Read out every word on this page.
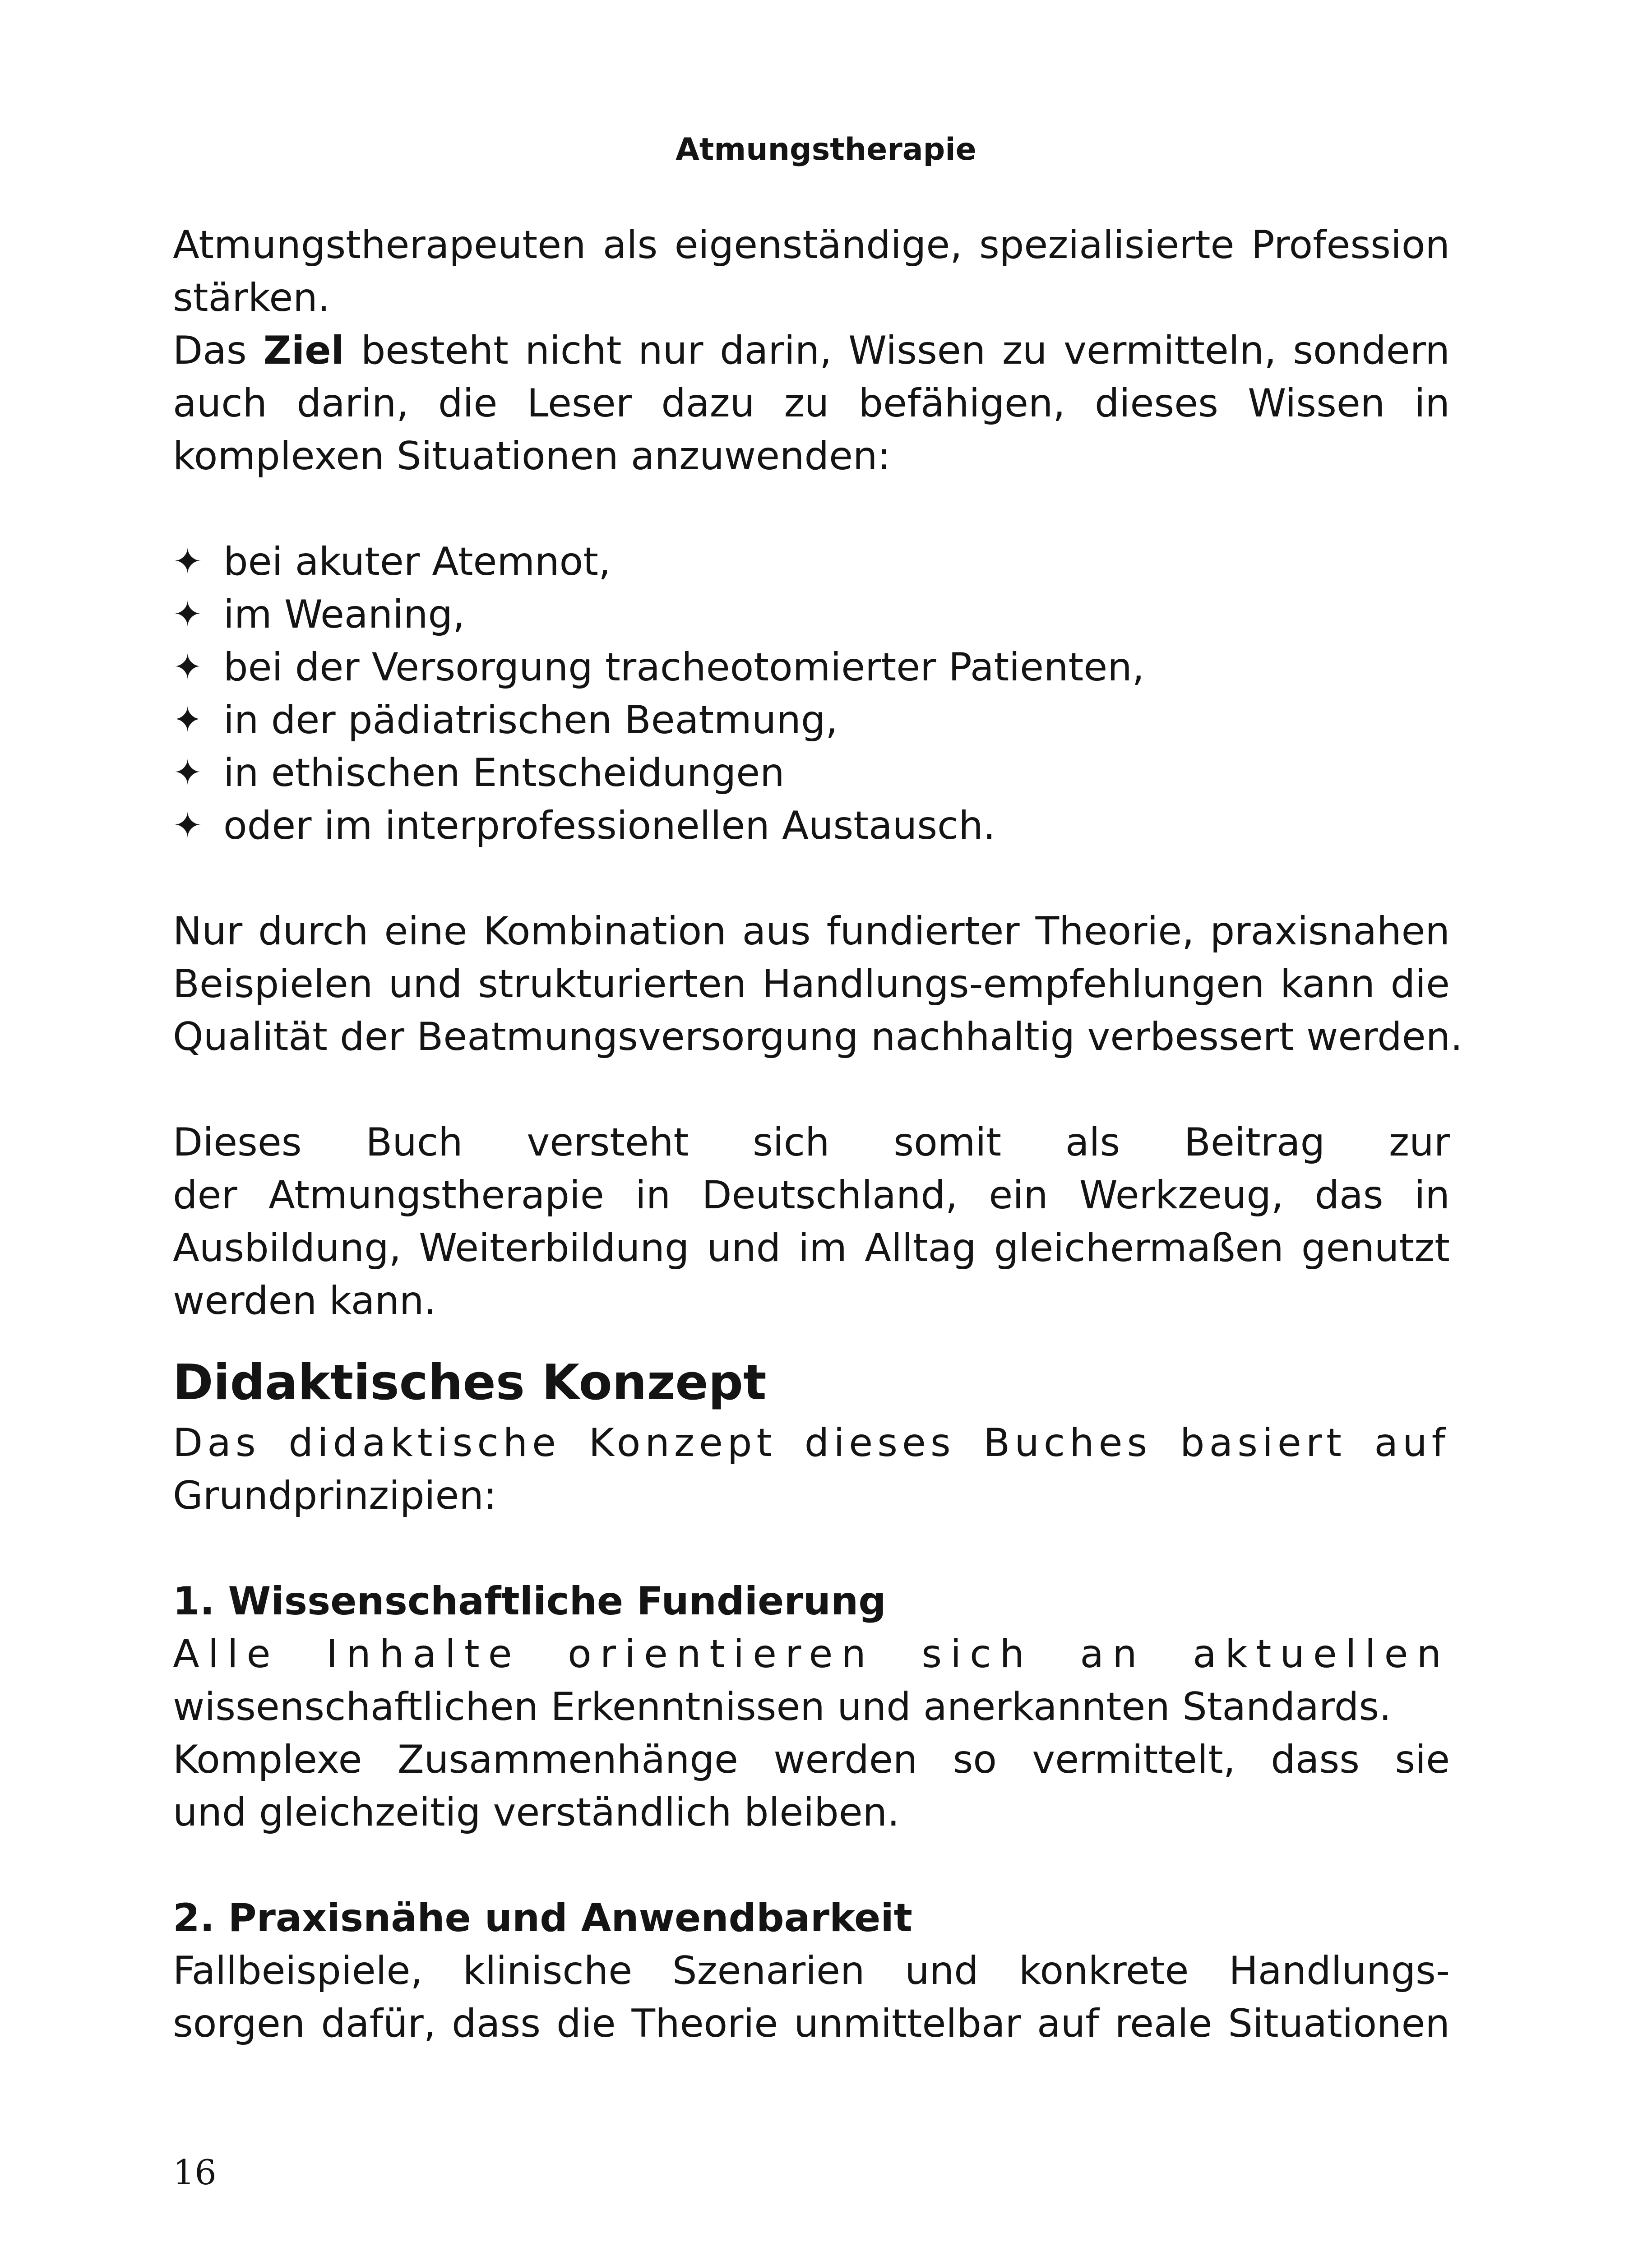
Atmungstherapie
Atmungstherapeuten als eigenständige, spezialisierte Profession
stärken.
Das Ziel besteht nicht nur darin, Wissen zu vermitteln, sondern
auch darin, die Leser dazu zu befähigen, dieses Wissen in
komplexen Situationen anzuwenden:
✦ bei akuter Atemnot,
✦ im Weaning,
✦ bei der Versorgung tracheotomierter Patienten,
✦ in der pädiatrischen Beatmung,
✦ in ethischen Entscheidungen
✦ oder im interprofessionellen Austausch.
Nur durch eine Kombination aus fundierter Theorie, praxisnahen
Beispielen und strukturierten Handlungs-empfehlungen kann die
Qualität der Beatmungsversorgung nachhaltig verbessert werden.
Dieses Buch versteht sich somit als Beitrag zur
der Atmungstherapie in Deutschland, ein Werkzeug, das in
Ausbildung, Weiterbildung und im Alltag gleichermaßen genutzt
werden kann.
Didaktisches Konzept
Das didaktische Konzept dieses Buches basiert auf
Grundprinzipien:
1. Wissenschaftliche Fundierung
Alle Inhalte orientieren sich an aktuellen
wissenschaftlichen Erkenntnissen und anerkannten Standards.
Komplexe Zusammenhänge werden so vermittelt, dass sie
und gleichzeitig verständlich bleiben.
2. Praxisnähe und Anwendbarkeit
Fallbeispiele, klinische Szenarien und konkrete Handlungs-
sorgen dafür, dass die Theorie unmittelbar auf reale Situationen
16
